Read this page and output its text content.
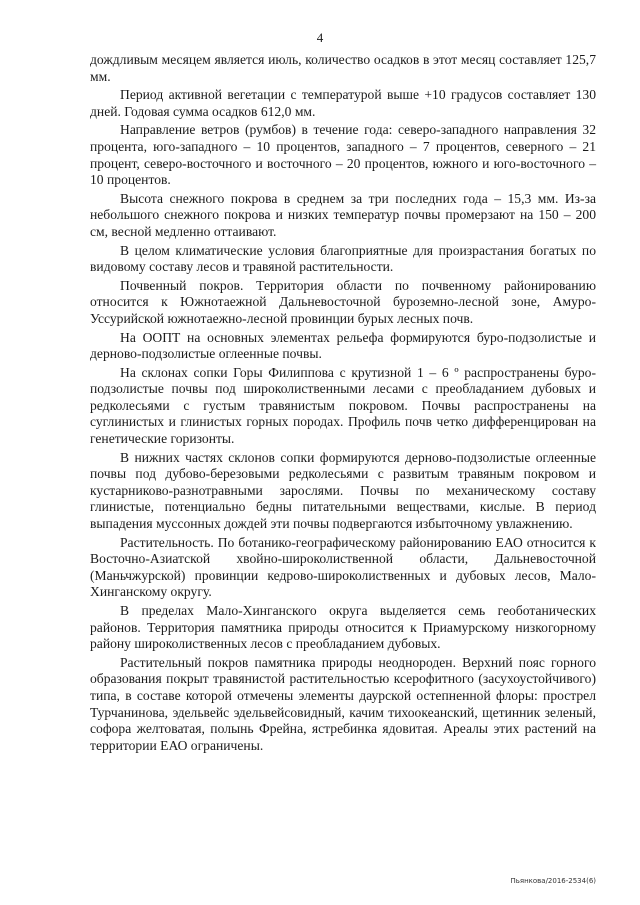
4

дождливым месяцем является июль, количество осадков в этот месяц составляет 125,7 мм.

Период активной вегетации с температурой выше +10 градусов составляет 130 дней. Годовая сумма осадков 612,0 мм.

Направление ветров (румбов) в течение года: северо-западного направления 32 процента, юго-западного – 10 процентов, западного – 7 процентов, северного – 21 процент, северо-восточного и восточного – 20 процентов, южного и юго-восточного – 10 процентов.

Высота снежного покрова в среднем за три последних года – 15,3 мм. Из-за небольшого снежного покрова и низких температур почвы промерзают на 150 – 200 см, весной медленно оттаивают.

В целом климатические условия благоприятные для произрастания богатых по видовому составу лесов и травяной растительности.

Почвенный покров. Территория области по почвенному районированию относится к Южнотаежной Дальневосточной буроземно-лесной зоне, Амуро-Уссурийской южнотаежно-лесной провинции бурых лесных почв.

На ООПТ на основных элементах рельефа формируются буро-подзолистые и дерново-подзолистые оглеенные почвы.

На склонах сопки Горы Филиппова с крутизной 1 – 6 º распространены буро-подзолистые почвы под широколиственными лесами с преобладанием дубовых и редколесьями с густым травянистым покровом. Почвы распространены на суглинистых и глинистых горных породах. Профиль почв четко дифференцирован на генетические горизонты.

В нижних частях склонов сопки формируются дерново-подзолистые оглеенные почвы под дубово-березовыми редколесьями с развитым травяным покровом и кустарниково-разнотравными зарослями. Почвы по механическому составу глинистые, потенциально бедны питательными веществами, кислые. В период выпадения муссонных дождей эти почвы подвергаются избыточному увлажнению.

Растительность. По ботанико-географическому районированию ЕАО относится к Восточно-Азиатской хвойно-широколиственной области, Дальневосточной (Маньчжурской) провинции кедрово-широколиственных и дубовых лесов, Мало-Хинганскому округу.

В пределах Мало-Хинганского округа выделяется семь геоботанических районов. Территория памятника природы относится к Приамурскому низкогорному району широколиственных лесов с преобладанием дубовых.

Растительный покров памятника природы неоднороден. Верхний пояс горного образования покрыт травянистой растительностью ксерофитного (засухоустойчивого) типа, в составе которой отмечены элементы даурской остепненной флоры: прострел Турчанинова, эдельвейс эдельвейсовидный, качим тихоокеанский, щетинник зеленый, софора желтоватая, полынь Фрейна, ястребинка ядовитая. Ареалы этих растений на территории ЕАО ограничены.

Пьянкова/2016-2534(6)
